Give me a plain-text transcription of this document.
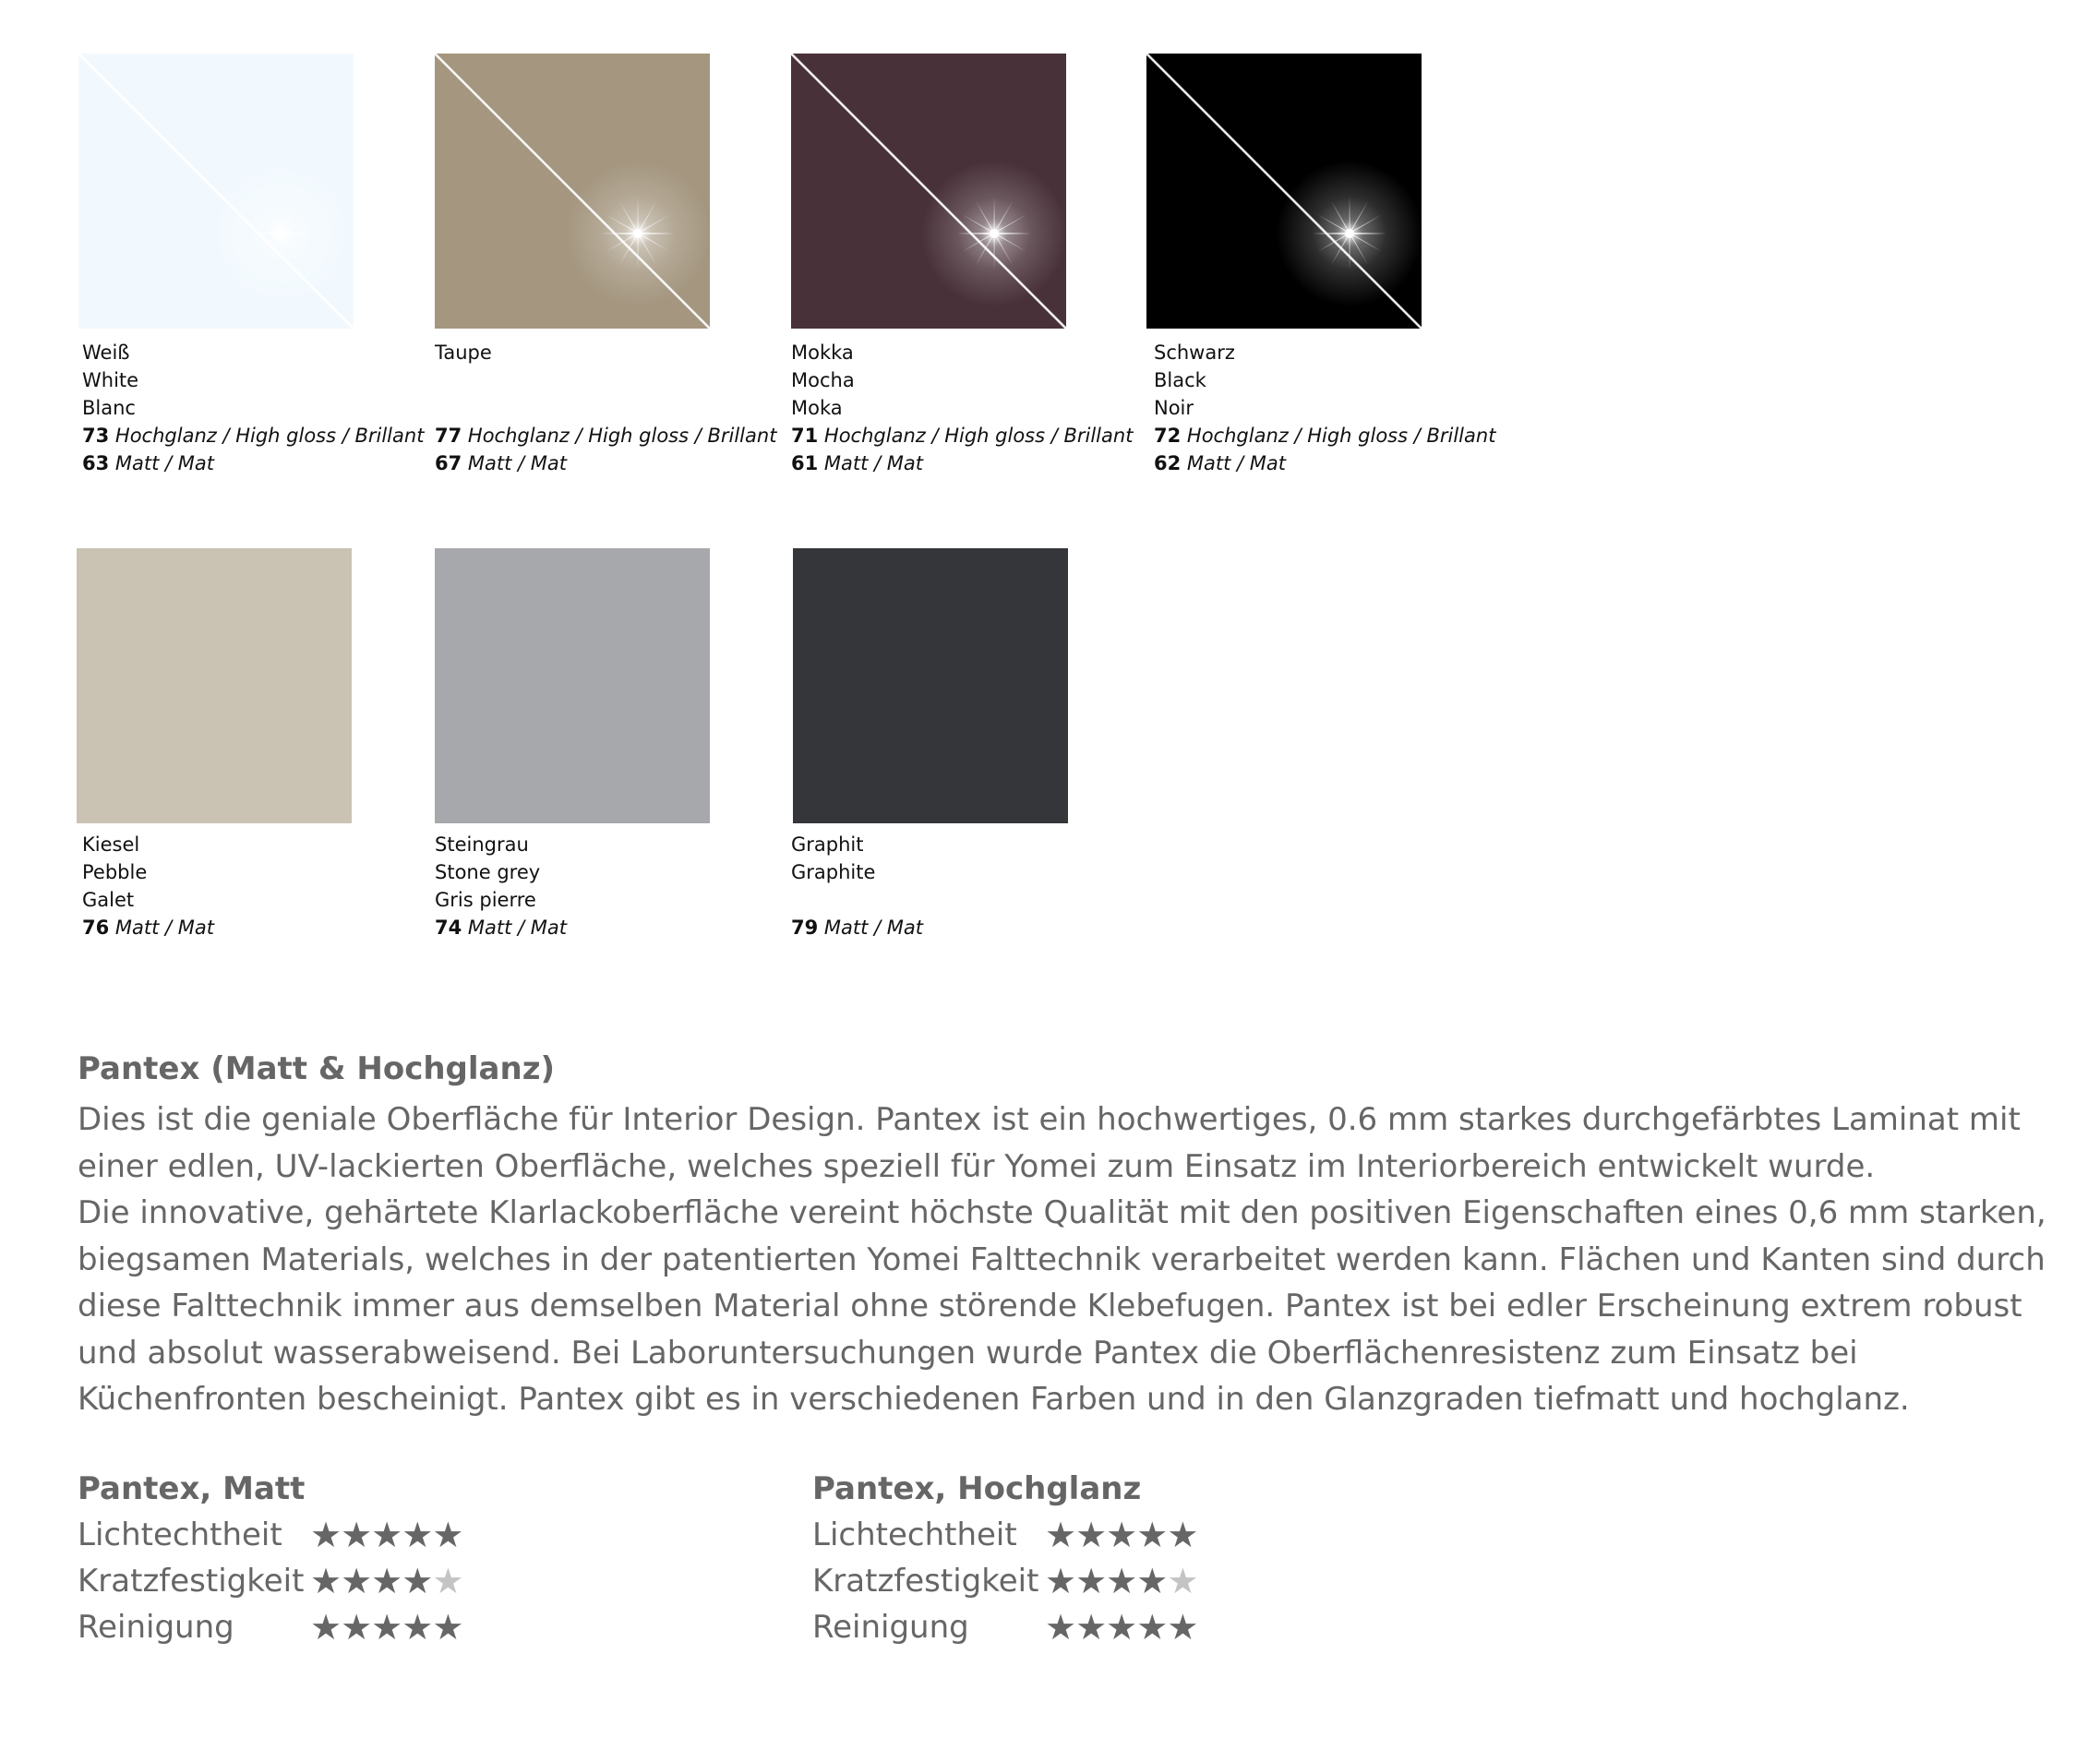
Weiß
White
Blanc
73 Hochglanz / High gloss / Brillant
63 Matt / Mat
Taupe
77 Hochglanz / High gloss / Brillant
67 Matt / Mat
Mokka
Mocha
Moka
71 Hochglanz / High gloss / Brillant
61 Matt / Mat
Schwarz
Black
Noir
72 Hochglanz / High gloss / Brillant
62 Matt / Mat
Kiesel
Pebble
Galet
76 Matt / Mat
Steingrau
Stone grey
Gris pierre
74 Matt / Mat
Graphit
Graphite
79 Matt / Mat
Pantex (Matt & Hochglanz)

Dies ist die geniale Oberfläche für Interior Design. Pantex ist ein hochwertiges, 0.6 mm starkes durchgefärbtes Laminat mit einer edlen, UV-lackierten Oberfläche, welches speziell für Yomei zum Einsatz im Interiorbereich entwickelt wurde.

Die innovative, gehärtete Klarlackoberfläche vereint höchste Qualität mit den positiven Eigenschaften eines 0,6 mm starken, biegsamen Materials, welches in der patentierten Yomei Falttechnik verarbeitet werden kann. Flächen und Kanten sind durch diese Falttechnik immer aus demselben Material ohne störende Klebefugen. Pantex ist bei edler Erscheinung extrem robust und absolut wasserabweisend. Bei Laboruntersuchungen wurde Pantex die Oberflächenresistenz zum Einsatz bei Küchenfronten bescheinigt. Pantex gibt es in verschiedenen Farben und in den Glanzgraden tiefmatt und hochglanz.

Pantex, Matt
Lichtechtheit ★★★★★
Kratzfestigkeit ★★★★★
Reinigung ★★★★★
Pantex, Hochglanz
Lichtechtheit ★★★★★
Kratzfestigkeit ★★★★★
Reinigung ★★★★★
